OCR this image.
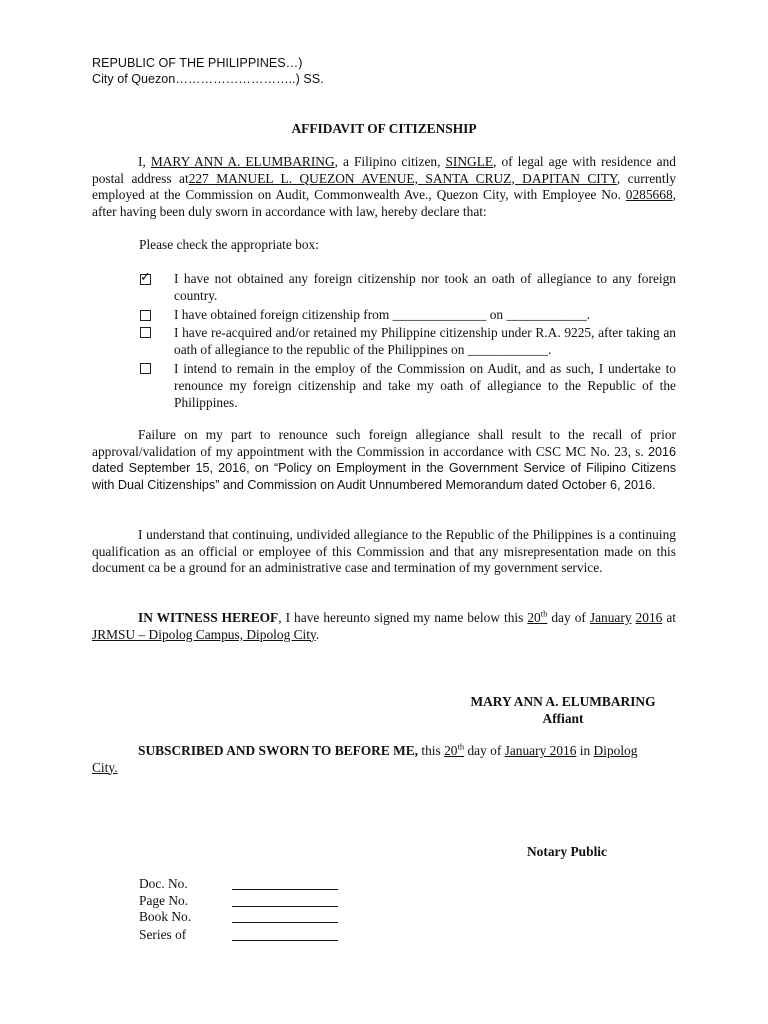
REPUBLIC OF THE PHILIPPINES…)
City of Quezon………………………..) SS.
AFFIDAVIT OF CITIZENSHIP
I, MARY ANN A. ELUMBARING, a Filipino citizen, SINGLE, of legal age with residence and postal address at227 MANUEL L. QUEZON AVENUE, SANTA CRUZ, DAPITAN CITY, currently employed at the Commission on Audit, Commonwealth Ave., Quezon City, with Employee No. 0285668, after having been duly sworn in accordance with law, hereby declare that:
Please check the appropriate box:
✓ I have not obtained any foreign citizenship nor took an oath of allegiance to any foreign country.
I have obtained foreign citizenship from ______________ on ____________.
I have re-acquired and/or retained my Philippine citizenship under R.A. 9225, after taking an oath of allegiance to the republic of the Philippines on ____________.
I intend to remain in the employ of the Commission on Audit, and as such, I undertake to renounce my foreign citizenship and take my oath of allegiance to the Republic of the Philippines.
Failure on my part to renounce such foreign allegiance shall result to the recall of prior approval/validation of my appointment with the Commission in accordance with CSC MC No. 23, s. 2016 dated September 15, 2016, on “Policy on Employment in the Government Service of Filipino Citizens with Dual Citizenships” and Commission on Audit Unnumbered Memorandum dated October 6, 2016.
I understand that continuing, undivided allegiance to the Republic of the Philippines is a continuing qualification as an official or employee of this Commission and that any misrepresentation made on this document ca be a ground for an administrative case and termination of my government service.
IN WITNESS HEREOF, I have hereunto signed my name below this 20th day of January 2016 at JRMSU – Dipolog Campus, Dipolog City.
MARY ANN A. ELUMBARING
Affiant
SUBSCRIBED AND SWORN TO BEFORE ME, this 20th day of January 2016 in Dipolog
City.
Notary Public
Doc. No.
Page No.
Book No.
Series of
